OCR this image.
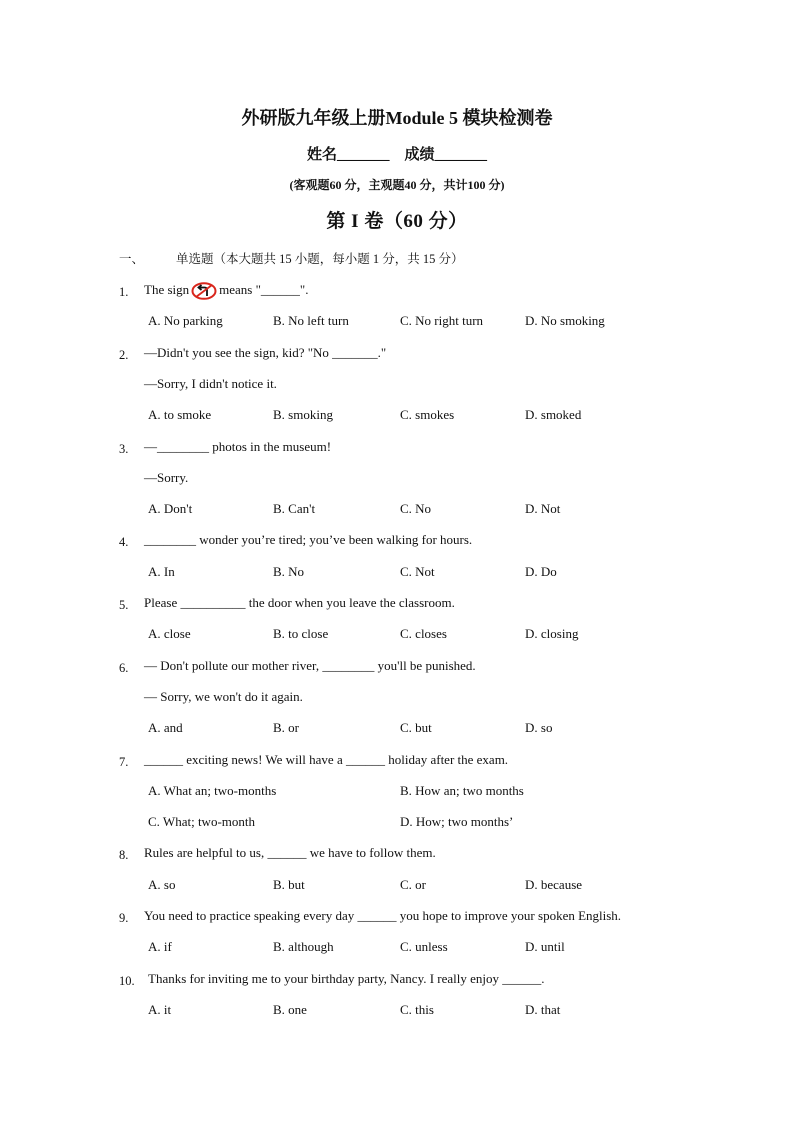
外研版九年级上册Module 5 模块检测卷
姓名_______ 成绩_______
(客观题60 分，主观题40 分，共计100 分)
第 I 卷（60 分）
一、	单选题（本大题共 15 小题，每小题 1 分，共 15 分）
1. The sign means "______".
A. No parking	B. No left turn	C. No right turn	D. No smoking
2. —Didn't you see the sign, kid? "No _______."
—Sorry, I didn't notice it.
A. to smoke	B. smoking	C. smokes	D. smoked
3. —________ photos in the museum!
—Sorry.
A. Don't	B. Can't	C. No	D. Not
4. ________ wonder you’re tired; you’ve been walking for hours.
A. In	B. No	C. Not	D. Do
5. Please __________ the door when you leave the classroom.
A. close	B. to close	C. closes	D. closing
6. — Don't pollute our mother river, ________ you'll be punished.
— Sorry, we won't do it again.
A. and	B. or	C. but	D. so
7. ______ exciting news! We will have a ______ holiday after the exam.
A. What an; two-months	B. How an; two months
C. What; two-month	D. How; two months’
8. Rules are helpful to us, ______ we have to follow them.
A. so	B. but	C. or	D. because
9. You need to practice speaking every day ______ you hope to improve your spoken English.
A. if	B. although	C. unless	D. until
10. Thanks for inviting me to your birthday party, Nancy. I really enjoy ______.
A. it	B. one	C. this	D. that
